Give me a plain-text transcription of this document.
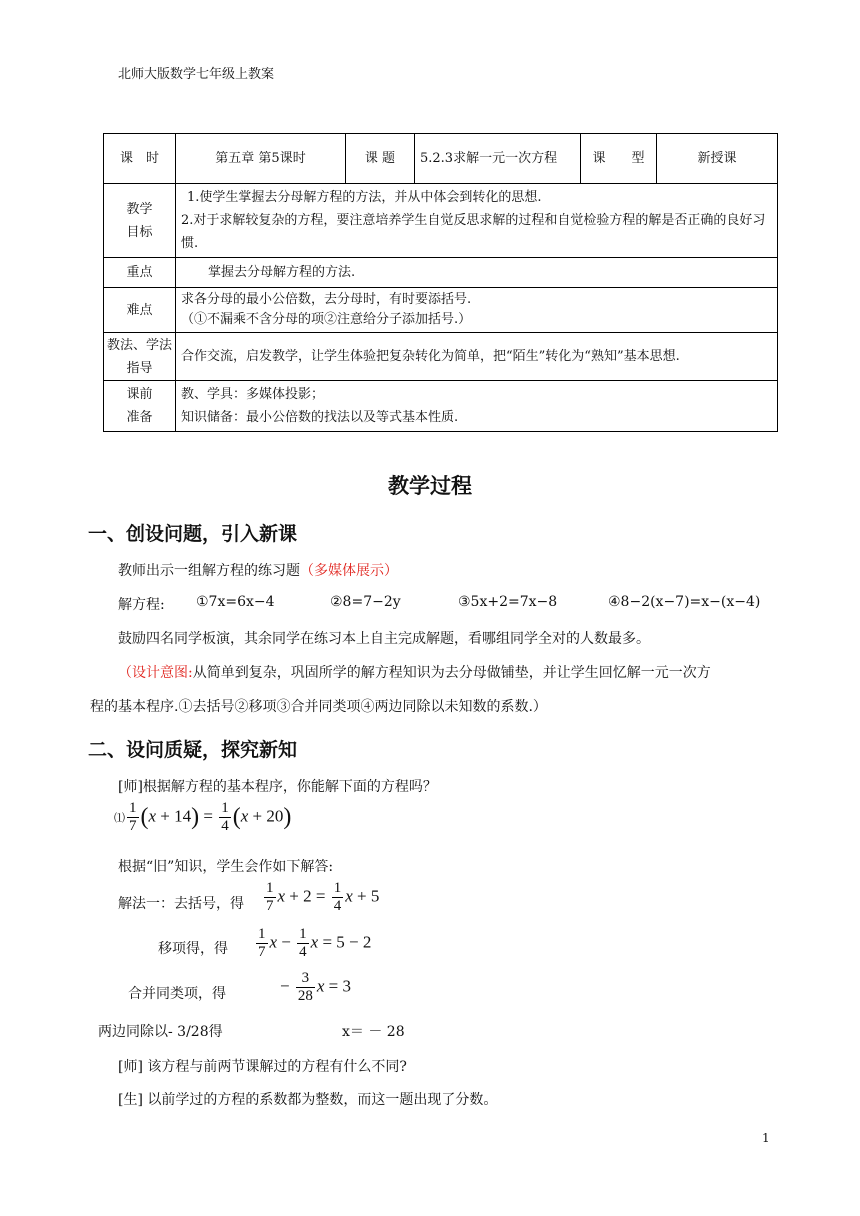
北师大版数学七年级上教案
课　时	第五章 第5课时	课 题	5.2.3求解一元一次方程	课　　型	新授课
教学目标	1.使学生掌握去分母解方程的方法，并从中体会到转化的思想.
2.对于求解较复杂的方程，要注意培养学生自觉反思求解的过程和自觉检验方程的解是否正确的良好习惯.				

重点	掌握去分母解方程的方法.				
难点	求各分母的最小公倍数，去分母时，有时要添括号.
（①不漏乘不含分母的项②注意给分子添加括号.）				

教法、学法指导	合作交流，启发教学，让学生体验把复杂转化为简单，把“陌生”转化为“熟知”基本思想.				
课前准备	教、学具：多媒体投影；
知识储备：最小公倍数的找法以及等式基本性质.				
教学过程
一、创设问题，引入新课
教师出示一组解方程的练习题（多媒体展示）
解方程: ①7x=6x−4	②8=7−2y	③5x+2=7x−8	④8−2(x−7)=x−(x−4)
鼓励四名同学板演，其余同学在练习本上自主完成解题，看哪组同学全对的人数最多。
（设计意图:从简单到复杂，巩固所学的解方程知识为去分母做铺垫，并让学生回忆解一元一次方
程的基本程序.①去括号②移项③合并同类项④两边同除以未知数的系数.）
二、设问质疑，探究新知
[师]根据解方程的基本程序，你能解下面的方程吗？
⑴ $\frac{1}{7} (x + 14) = \frac{1}{4} (x + 20)$
根据“旧”知识，学生会作如下解答:
解法一：去括号，得 $\frac{1}{7}$ $x + 2 = \frac{1}{4}$ x + 5
移项得，得 $\frac{1}{7}$ $x - \frac{1}{4}$ x = 5 − 2
合并同类项，得	− $\frac{3}{28}$ x = 3
两边同除以- 3/28得	x＝ － 28
[师] 该方程与前两节课解过的方程有什么不同?
[生] 以前学过的方程的系数都为整数，而这一题出现了分数。
1
